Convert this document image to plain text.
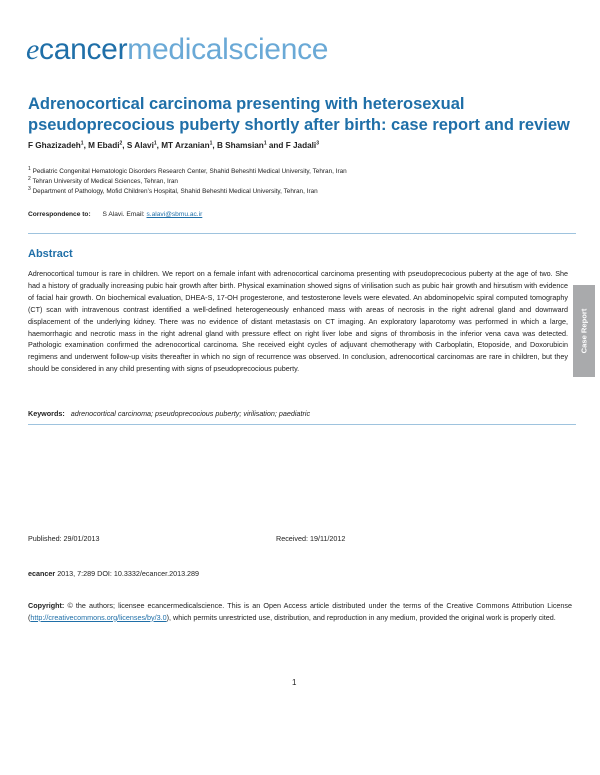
ecancermedicalscience
Adrenocortical carcinoma presenting with heterosexual pseudoprecocious puberty shortly after birth: case report and review
F Ghazizadeh$^1$, M Ebadi$^2$, S Alavi$^1$, MT Arzanian$^1$, B Shamsian$^1$ and F Jadali$^3$
$^1$ Pediatric Congenital Hematologic Disorders Research Center, Shahid Beheshti Medical University, Tehran, Iran
$^2$ Tehran University of Medical Sciences, Tehran, Iran
$^3$ Department of Pathology, Mofid Children’s Hospital, Shahid Beheshti Medical University, Tehran, Iran
Correspondence to: S Alavi. Email: s.alavi@sbmu.ac.ir
Abstract
Adrenocortical tumour is rare in children. We report on a female infant with adrenocortical carcinoma presenting with pseudoprecocious puberty at the age of two. She had a history of gradually increasing pubic hair growth after birth. Physical examination showed signs of virilisation such as pubic hair growth and hirsutism with evidence of facial hair growth. On biochemical evaluation, DHEA-S, 17-OH progesterone, and testosterone levels were elevated. An abdominopelvic spiral computed tomography (CT) scan with intravenous contrast identified a well-defined heterogeneously enhanced mass with areas of necrosis in the right adrenal gland and downward displacement of the underlying kidney. There was no evidence of distant metastasis on CT imaging. An exploratory laparotomy was performed in which a large, haemorrhagic and necrotic mass in the right adrenal gland with pressure effect on right liver lobe and signs of thrombosis in the inferior vena cava was detected. Pathologic examination confirmed the adrenocortical carcinoma. She received eight cycles of adjuvant chemotherapy with Carboplatin, Etoposide, and Doxorubicin regimens and underwent follow-up visits thereafter in which no sign of recurrence was observed. In conclusion, adrenocortical carcinomas are rare in children, but they should be considered in any child presenting with signs of pseudoprecocious puberty.
Keywords: adrenocortical carcinoma; pseudoprecocious puberty; virilisation; paediatric
Case Report
Published: 29/01/2013	Received: 19/11/2012
ecancer 2013, 7:289 DOI: 10.3332/ecancer.2013.289
Copyright: © the authors; licensee ecancermedicalscience. This is an Open Access article distributed under the terms of the Creative Commons Attribution License (http://creativecommons.org/licenses/by/3.0), which permits unrestricted use, distribution, and reproduction in any medium, provided the original work is properly cited.
1
